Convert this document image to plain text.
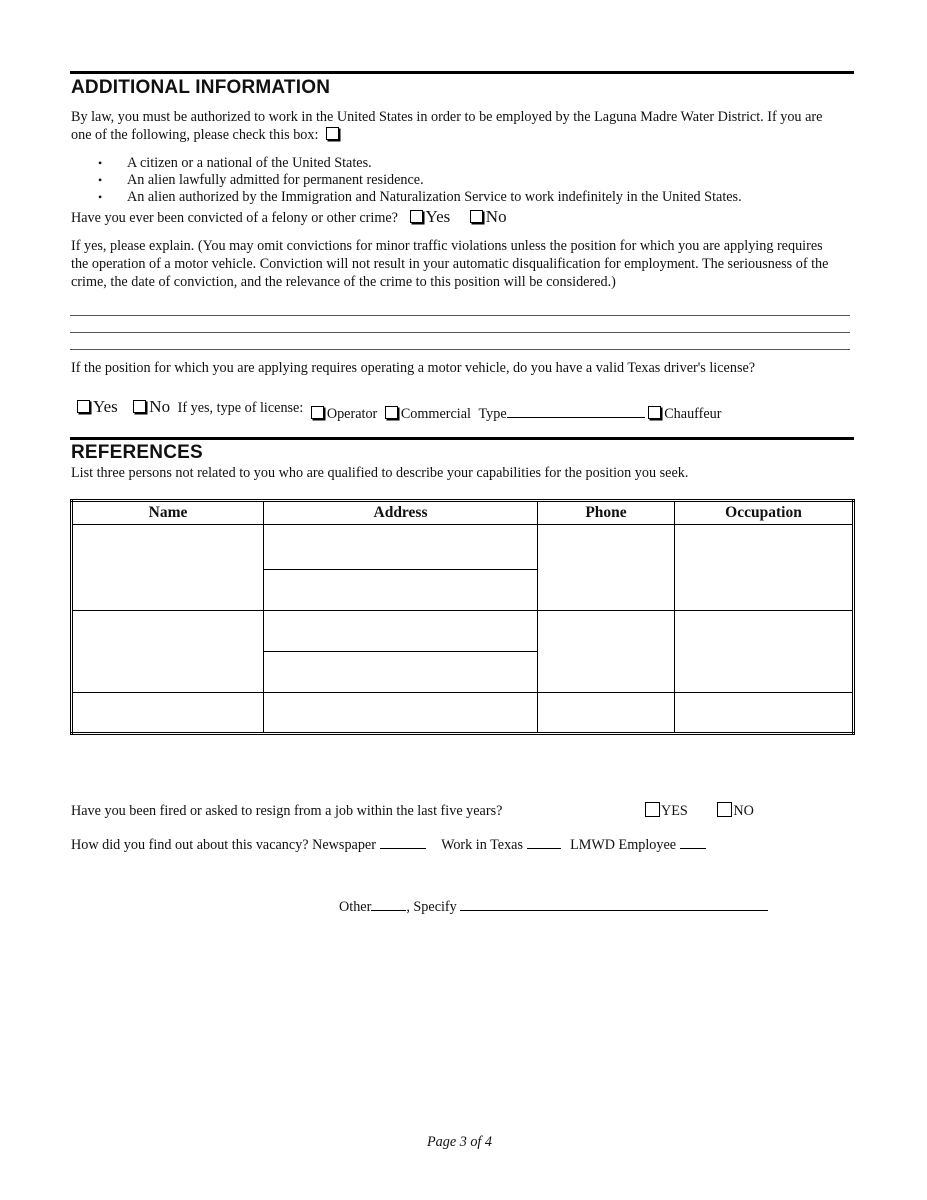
ADDITIONAL INFORMATION
By law, you must be authorized to work in the United States in order to be employed by the Laguna Madre Water District. If you are one of the following, please check this box:
• A citizen or a national of the United States.
• An alien lawfully admitted for permanent residence.
• An alien authorized by the Immigration and Naturalization Service to work indefinitely in the United States.
Have you ever been convicted of a felony or other crime? Yes No
If yes, please explain. (You may omit convictions for minor traffic violations unless the position for which you are applying requires the operation of a motor vehicle. Conviction will not result in your automatic disqualification for employment. The seriousness of the crime, the date of conviction, and the relevance of the crime to this position will be considered.)
If the position for which you are applying requires operating a motor vehicle, do you have a valid Texas driver's license?
Yes No If yes, type of license: Operator Commercial Type	Chauffeur
REFERENCES
List three persons not related to you who are qualified to describe your capabilities for the position you seek.
Name	Address	Phone	Occupation

Have you been fired or asked to resign from a job within the last five years?	YES	NO
How did you find out about this vacancy? Newspaper	Work in Texas	LMWD Employee
Other , Specify
Page 3 of 4
